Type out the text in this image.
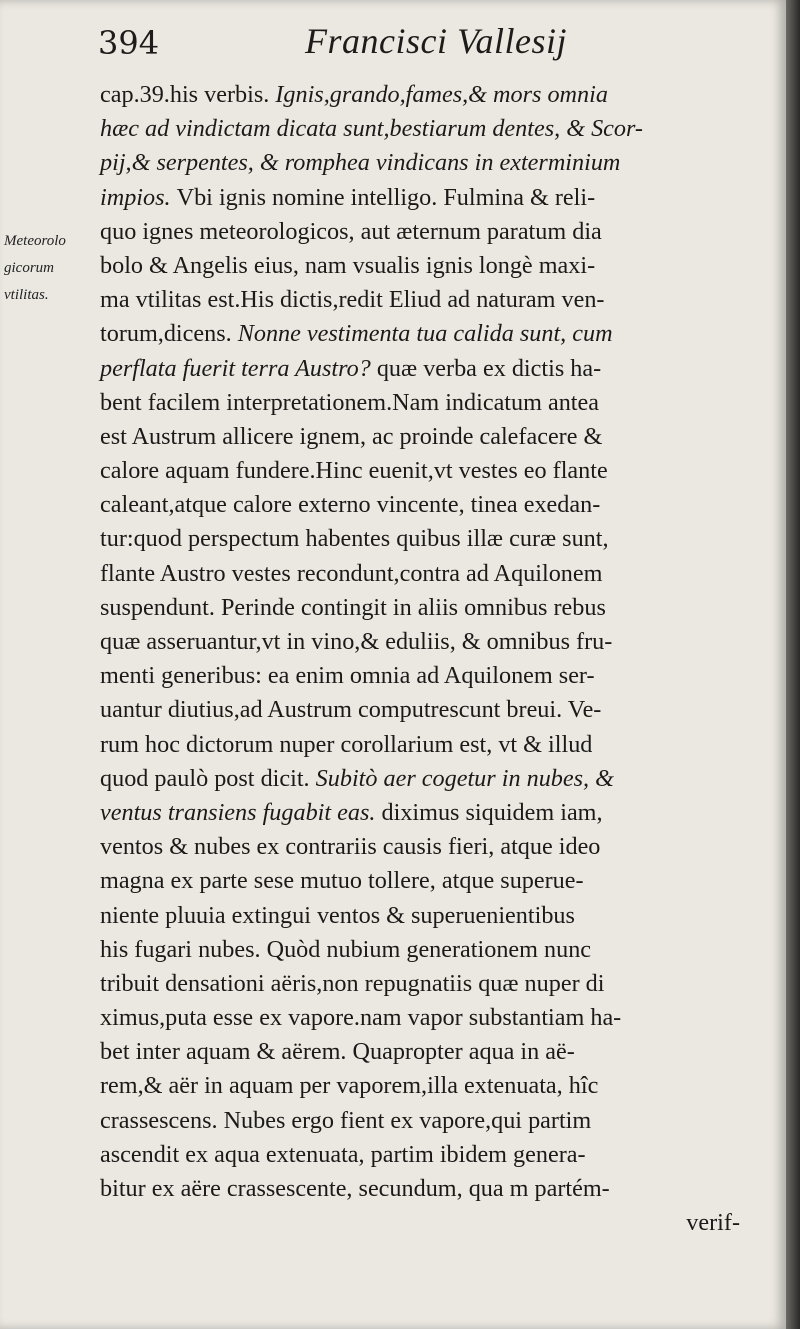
394	Francisci Vallesij
Meteorolo
gicorum
vtilitas.
cap.39.his verbis. Ignis,grando,fames,& mors omnia
hæc ad vindictam dicata sunt,bestiarum dentes, & Scor-
pij,& serpentes, & romphea vindicans in exterminium
impios. Vbi ignis nomine intelligo. Fulmina & reli-
quo ignes meteorologicos, aut æternum paratum dia
bolo & Angelis eius, nam vsualis ignis longè maxi-
ma vtilitas est.His dictis,redit Eliud ad naturam ven-
torum,dicens. Nonne vestimenta tua calida sunt, cum
perflata fuerit terra Austro? quæ verba ex dictis ha-
bent facilem interpretationem.Nam indicatum antea
est Austrum allicere ignem, ac proinde calefacere &
calore aquam fundere.Hinc euenit,vt vestes eo flante
caleant,atque calore externo vincente, tinea exedan-
tur:quod perspectum habentes quibus illæ curæ sunt,
flante Austro vestes recondunt,contra ad Aquilonem
suspendunt. Perinde contingit in aliis omnibus rebus
quæ asseruantur,vt in vino,& eduliis, & omnibus fru-
menti generibus: ea enim omnia ad Aquilonem ser-
uantur diutius,ad Austrum computrescunt breui. Ve-
rum hoc dictorum nuper corollarium est, vt & illud
quod paulò post dicit. Subitò aer cogetur in nubes, &
ventus transiens fugabit eas. diximus siquidem iam,
ventos & nubes ex contrariis causis fieri, atque ideo
magna ex parte sese mutuo tollere, atque superue-
niente pluuia extingui ventos & superuenientibus
his fugari nubes. Quòd nubium generationem nunc
tribuit densationi aëris,non repugnatiis quæ nuper di
ximus,puta esse ex vapore.nam vapor substantiam ha-
bet inter aquam & aërem. Quapropter aqua in aë-
rem,& aër in aquam per vaporem,illa extenuata, hîc
crassescens. Nubes ergo fient ex vapore,qui partim
ascendit ex aqua extenuata, partim ibidem genera-
bitur ex aëre crassescente, secundum, qua m partém-
verif-
